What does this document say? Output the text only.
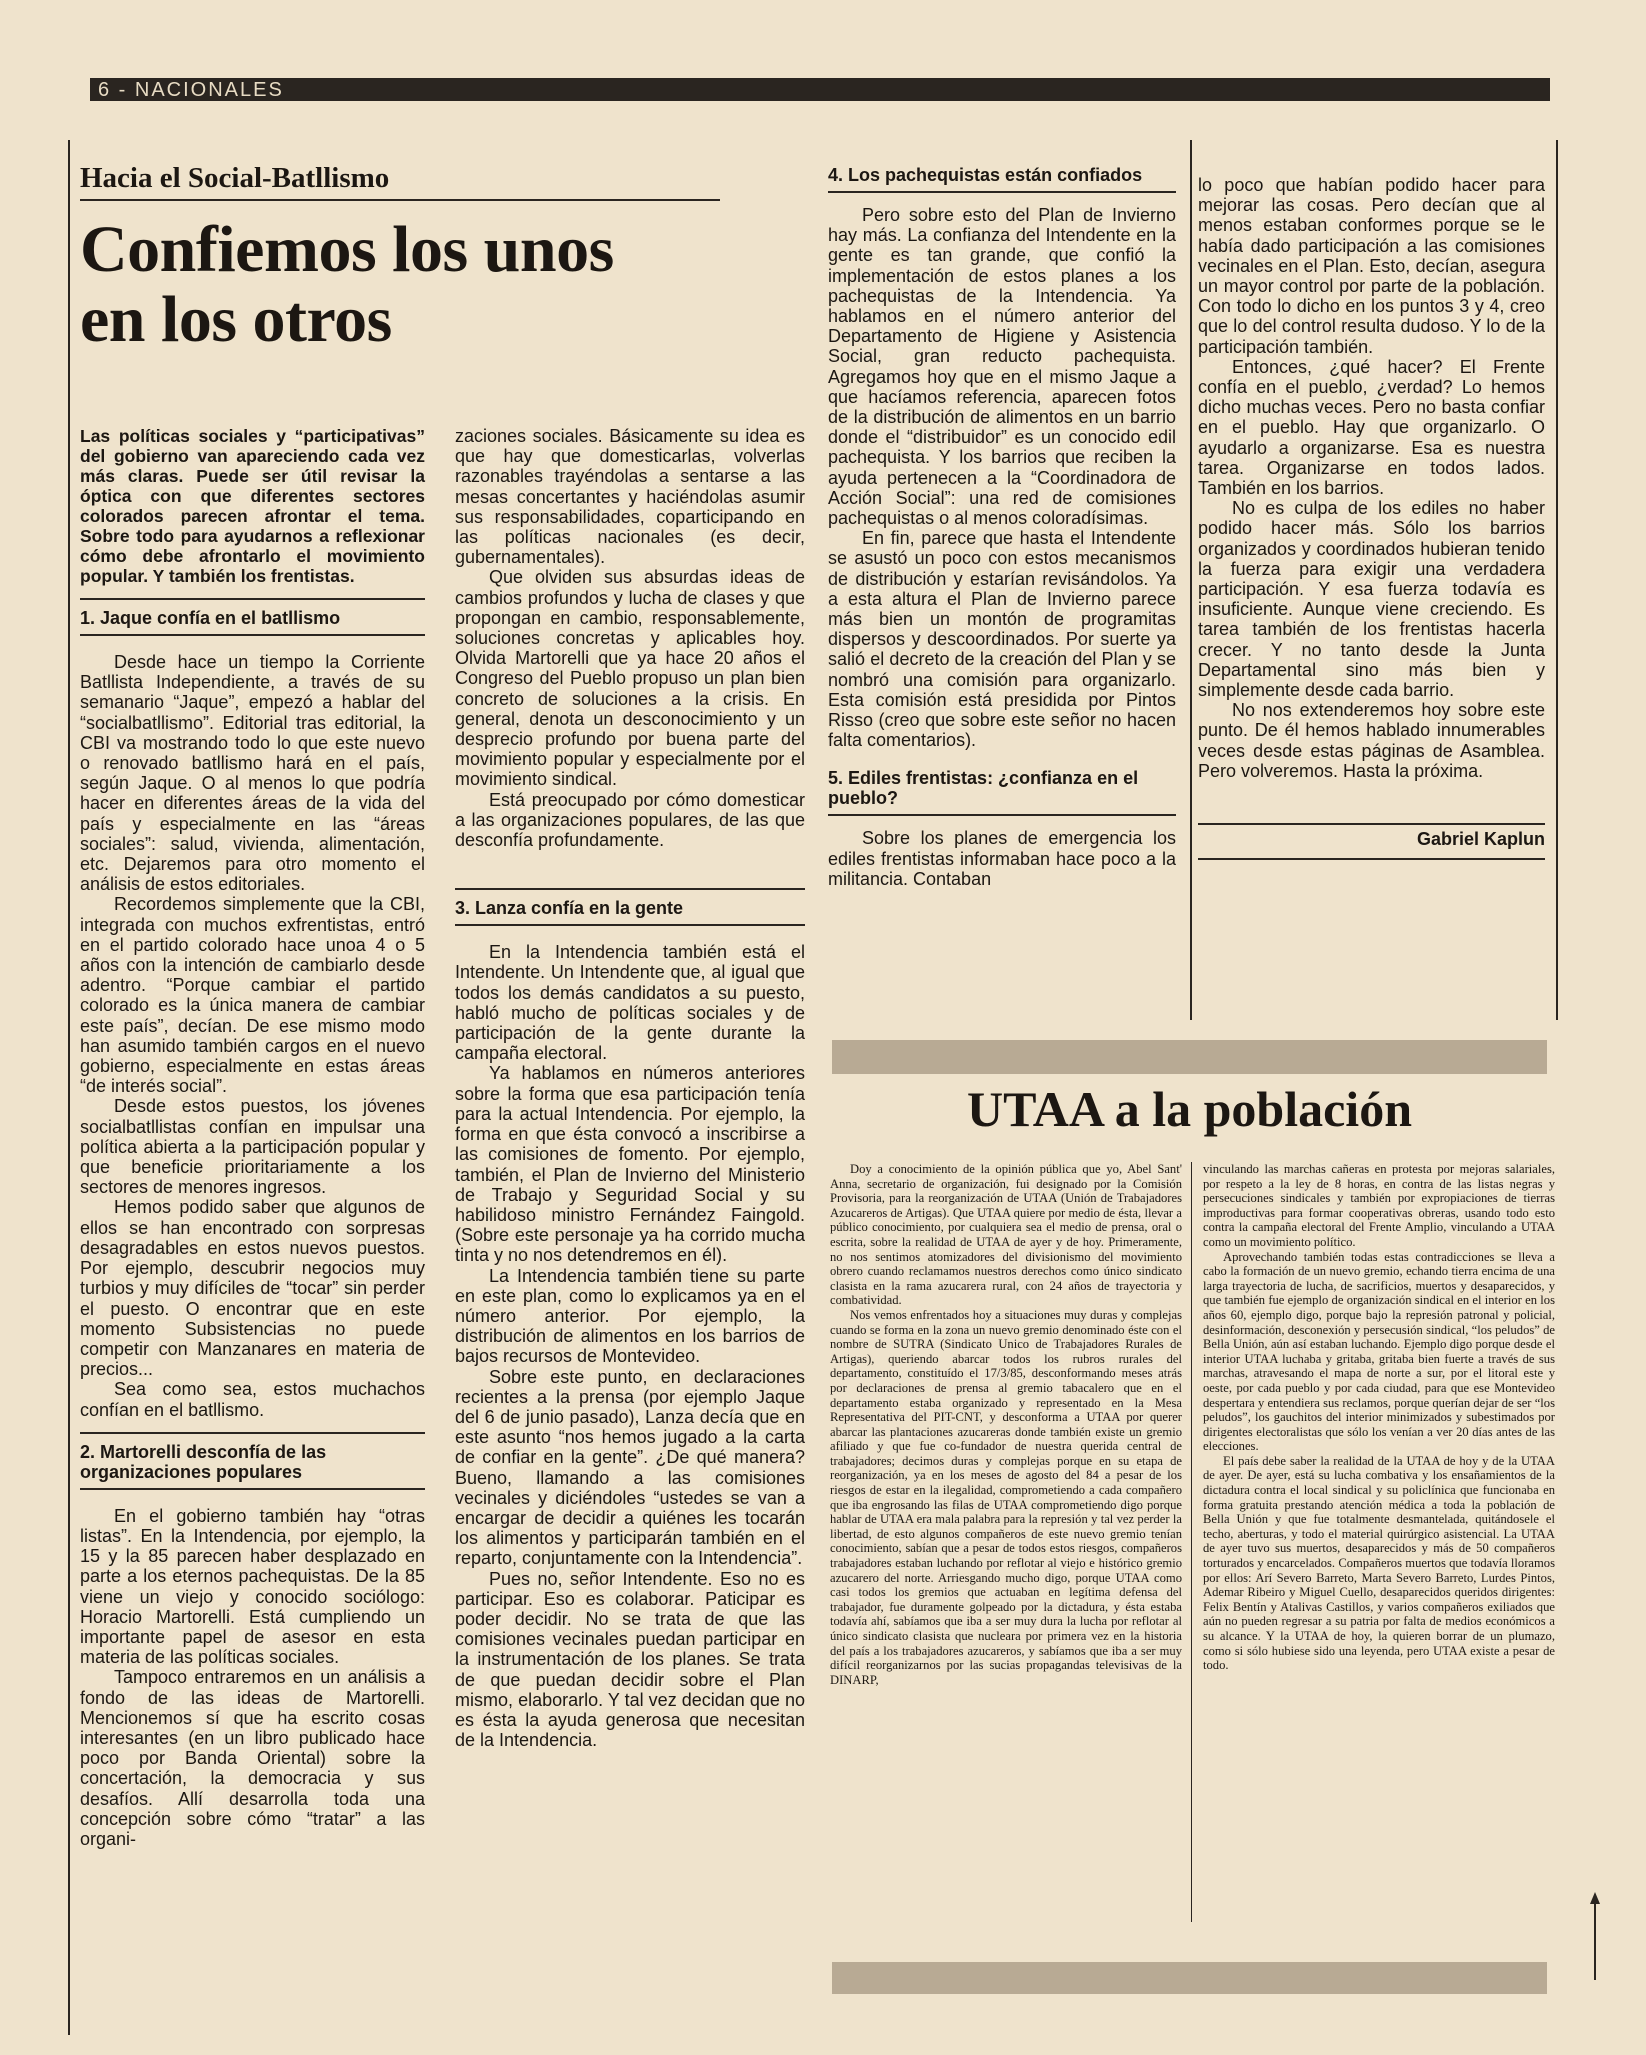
6 - NACIONALES
Hacia el Social-Batllismo
Confiemos los unos
en los otros
Las políticas sociales y “participativas” del gobierno van apareciendo cada vez más claras. Puede ser útil revisar la óptica con que diferentes sectores colorados parecen afrontar el tema. Sobre todo para ayudarnos a reflexionar cómo debe afrontarlo el movimiento popular. Y también los frentistas.
1. Jaque confía en el batllismo

Desde hace un tiempo la Corriente Batllista Independiente, a través de su semanario “Jaque”, empezó a hablar del “socialbatllismo”. Editorial tras editorial, la CBI va mostrando todo lo que este nuevo o renovado batllismo hará en el país, según Jaque. O al menos lo que podría hacer en diferentes áreas de la vida del país y especialmente en las “áreas sociales”: salud, vivienda, alimentación, etc. Dejaremos para otro momento el análisis de estos editoriales.

Recordemos simplemente que la CBI, integrada con muchos exfrentistas, entró en el partido colorado hace unoa 4 o 5 años con la intención de cambiarlo desde adentro. “Porque cambiar el partido colorado es la única manera de cambiar este país”, decían. De ese mismo modo han asumido también cargos en el nuevo gobierno, especialmente en estas áreas “de interés social”.

Desde estos puestos, los jóvenes socialbatllistas confían en impulsar una política abierta a la participación popular y que beneficie prioritariamente a los sectores de menores ingresos.

Hemos podido saber que algunos de ellos se han encontrado con sorpresas desagradables en estos nuevos puestos. Por ejemplo, descubrir negocios muy turbios y muy difíciles de “tocar” sin perder el puesto. O encontrar que en este momento Subsistencias no puede competir con Manzanares en materia de precios...

Sea como sea, estos muchachos confían en el batllismo.

2. Martorelli desconfía de las organizaciones populares

En el gobierno también hay “otras listas”. En la Intendencia, por ejemplo, la 15 y la 85 parecen haber desplazado en parte a los eternos pachequistas. De la 85 viene un viejo y conocido sociólogo: Horacio Martorelli. Está cumpliendo un importante papel de asesor en esta materia de las políticas sociales.

Tampoco entraremos en un análisis a fondo de las ideas de Martorelli. Mencionemos sí que ha escrito cosas interesantes (en un libro publicado hace poco por Banda Oriental) sobre la concertación, la democracia y sus desafíos. Allí desarrolla toda una concepción sobre cómo “tratar” a las organi-

zaciones sociales. Básicamente su idea es que hay que domesticarlas, volverlas razonables trayéndolas a sentarse a las mesas concertantes y haciéndolas asumir sus responsabilidades, coparticipando en las políticas nacionales (es decir, gubernamentales).

Que olviden sus absurdas ideas de cambios profundos y lucha de clases y que propongan en cambio, responsablemente, soluciones concretas y aplicables hoy. Olvida Martorelli que ya hace 20 años el Congreso del Pueblo propuso un plan bien concreto de soluciones a la crisis. En general, denota un desconocimiento y un desprecio profundo por buena parte del movimiento popular y especialmente por el movimiento sindical.

Está preocupado por cómo domesticar a las organizaciones populares, de las que desconfía profundamente.

3. Lanza confía en la gente

En la Intendencia también está el Intendente. Un Intendente que, al igual que todos los demás candidatos a su puesto, habló mucho de políticas sociales y de participación de la gente durante la campaña electoral.

Ya hablamos en números anteriores sobre la forma que esa participación tenía para la actual Intendencia. Por ejemplo, la forma en que ésta convocó a inscribirse a las comisiones de fomento. Por ejemplo, también, el Plan de Invierno del Ministerio de Trabajo y Seguridad Social y su habilidoso ministro Fernández Faingold. (Sobre este personaje ya ha corrido mucha tinta y no nos detendremos en él).

La Intendencia también tiene su parte en este plan, como lo explicamos ya en el número anterior. Por ejemplo, la distribución de alimentos en los barrios de bajos recursos de Montevideo.

Sobre este punto, en declaraciones recientes a la prensa (por ejemplo Jaque del 6 de junio pasado), Lanza decía que en este asunto “nos hemos jugado a la carta de confiar en la gente”. ¿De qué manera? Bueno, llamando a las comisiones vecinales y diciéndoles “ustedes se van a encargar de decidir a quiénes les tocarán los alimentos y participarán también en el reparto, conjuntamente con la Intendencia”.

Pues no, señor Intendente. Eso no es participar. Eso es colaborar. Paticipar es poder decidir. No se trata de que las comisiones vecinales puedan participar en la instrumentación de los planes. Se trata de que puedan decidir sobre el Plan mismo, elaborarlo. Y tal vez decidan que no es ésta la ayuda generosa que necesitan de la Intendencia.

4. Los pachequistas están confiados

Pero sobre esto del Plan de Invierno hay más. La confianza del Intendente en la gente es tan grande, que confió la implementación de estos planes a los pachequistas de la Intendencia. Ya hablamos en el número anterior del Departamento de Higiene y Asistencia Social, gran reducto pachequista. Agregamos hoy que en el mismo Jaque a que hacíamos referencia, aparecen fotos de la distribución de alimentos en un barrio donde el “distribuidor” es un conocido edil pachequista. Y los barrios que reciben la ayuda pertenecen a la “Coordinadora de Acción Social”: una red de comisiones pachequistas o al menos coloradísimas.

En fin, parece que hasta el Intendente se asustó un poco con estos mecanismos de distribución y estarían revisándolos. Ya a esta altura el Plan de Invierno parece más bien un montón de programitas dispersos y descoordinados. Por suerte ya salió el decreto de la creación del Plan y se nombró una comisión para organizarlo. Esta comisión está presidida por Pintos Risso (creo que sobre este señor no hacen falta comentarios).

5. Ediles frentistas: ¿confianza en el pueblo?

Sobre los planes de emergencia los ediles frentistas informaban hace poco a la militancia. Contaban

lo poco que habían podido hacer para mejorar las cosas. Pero decían que al menos estaban conformes porque se le había dado participación a las comisiones vecinales en el Plan. Esto, decían, asegura un mayor control por parte de la población. Con todo lo dicho en los puntos 3 y 4, creo que lo del control resulta dudoso. Y lo de la participación también.

Entonces, ¿qué hacer? El Frente confía en el pueblo, ¿verdad? Lo hemos dicho muchas veces. Pero no basta confiar en el pueblo. Hay que organizarlo. O ayudarlo a organizarse. Esa es nuestra tarea. Organizarse en todos lados. También en los barrios.

No es culpa de los ediles no haber podido hacer más. Sólo los barrios organizados y coordinados hubieran tenido la fuerza para exigir una verdadera participación. Y esa fuerza todavía es insuficiente. Aunque viene creciendo. Es tarea también de los frentistas hacerla crecer. Y no tanto desde la Junta Departamental sino más bien y simplemente desde cada barrio.

No nos extenderemos hoy sobre este punto. De él hemos hablado innumerables veces desde estas páginas de Asamblea. Pero volveremos. Hasta la próxima.

Gabriel Kaplun
UTAA a la población

Doy a conocimiento de la opinión pública que yo, Abel Sant' Anna, secretario de organización, fui designado por la Comisión Provisoria, para la reorganización de UTAA (Unión de Trabajadores Azucareros de Artigas). Que UTAA quiere por medio de ésta, llevar a público conocimiento, por cualquiera sea el medio de prensa, oral o escrita, sobre la realidad de UTAA de ayer y de hoy. Primeramente, no nos sentimos atomizadores del divisionismo del movimiento obrero cuando reclamamos nuestros derechos como único sindicato clasista en la rama azucarera rural, con 24 años de trayectoria y combatividad.

Nos vemos enfrentados hoy a situaciones muy duras y complejas cuando se forma en la zona un nuevo gremio denominado éste con el nombre de SUTRA (Sindicato Unico de Trabajadores Rurales de Artigas), queriendo abarcar todos los rubros rurales del departamento, constituído el 17/3/85, desconformando meses atrás por declaraciones de prensa al gremio tabacalero que en el departamento estaba organizado y representado en la Mesa Representativa del PIT-CNT, y desconforma a UTAA por querer abarcar las plantaciones azucareras donde también existe un gremio afiliado y que fue co-fundador de nuestra querida central de trabajadores; decimos duras y complejas porque en su etapa de reorganización, ya en los meses de agosto del 84 a pesar de los riesgos de estar en la ilegalidad, comprometiendo a cada compañero que iba engrosando las filas de UTAA comprometiendo digo porque hablar de UTAA era mala palabra para la represión y tal vez perder la libertad, de esto algunos compañeros de este nuevo gremio tenían conocimiento, sabían que a pesar de todos estos riesgos, compañeros trabajadores estaban luchando por reflotar al viejo e histórico gremio azucarero del norte. Arriesgando mucho digo, porque UTAA como casi todos los gremios que actuaban en legítima defensa del trabajador, fue duramente golpeado por la dictadura, y ésta estaba todavía ahí, sabíamos que iba a ser muy dura la lucha por reflotar al único sindicato clasista que nucleara por primera vez en la historia del país a los trabajadores azucareros, y sabíamos que iba a ser muy difícil reorganizarnos por las sucias propagandas televisivas de la DINARP,

vinculando las marchas cañeras en protesta por mejoras salariales, por respeto a la ley de 8 horas, en contra de las listas negras y persecuciones sindicales y también por expropiaciones de tierras improductivas para formar cooperativas obreras, usando todo esto contra la campaña electoral del Frente Amplio, vinculando a UTAA como un movimiento político.

Aprovechando también todas estas contradicciones se lleva a cabo la formación de un nuevo gremio, echando tierra encima de una larga trayectoria de lucha, de sacrificios, muertos y desaparecidos, y que también fue ejemplo de organización sindical en el interior en los años 60, ejemplo digo, porque bajo la represión patronal y policial, desinformación, desconexión y persecusión sindical, “los peludos” de Bella Unión, aún así estaban luchando. Ejemplo digo porque desde el interior UTAA luchaba y gritaba, gritaba bien fuerte a través de sus marchas, atravesando el mapa de norte a sur, por el litoral este y oeste, por cada pueblo y por cada ciudad, para que ese Montevideo despertara y entendiera sus reclamos, porque querían dejar de ser “los peludos”, los gauchitos del interior minimizados y subestimados por dirigentes electoralistas que sólo los venían a ver 20 días antes de las elecciones.

El país debe saber la realidad de la UTAA de hoy y de la UTAA de ayer. De ayer, está su lucha combativa y los ensañamientos de la dictadura contra el local sindical y su policlínica que funcionaba en forma gratuita prestando atención médica a toda la población de Bella Unión y que fue totalmente desmantelada, quitándosele el techo, aberturas, y todo el material quirúrgico asistencial. La UTAA de ayer tuvo sus muertos, desaparecidos y más de 50 compañeros torturados y encarcelados. Compañeros muertos que todavía lloramos por ellos: Arí Severo Barreto, Marta Severo Barreto, Lurdes Pintos, Ademar Ribeiro y Miguel Cuello, desaparecidos queridos dirigentes: Felix Bentín y Atalivas Castillos, y varios compañeros exiliados que aún no pueden regresar a su patria por falta de medios económicos a su alcance. Y la UTAA de hoy, la quieren borrar de un plumazo, como si sólo hubiese sido una leyenda, pero UTAA existe a pesar de todo.
